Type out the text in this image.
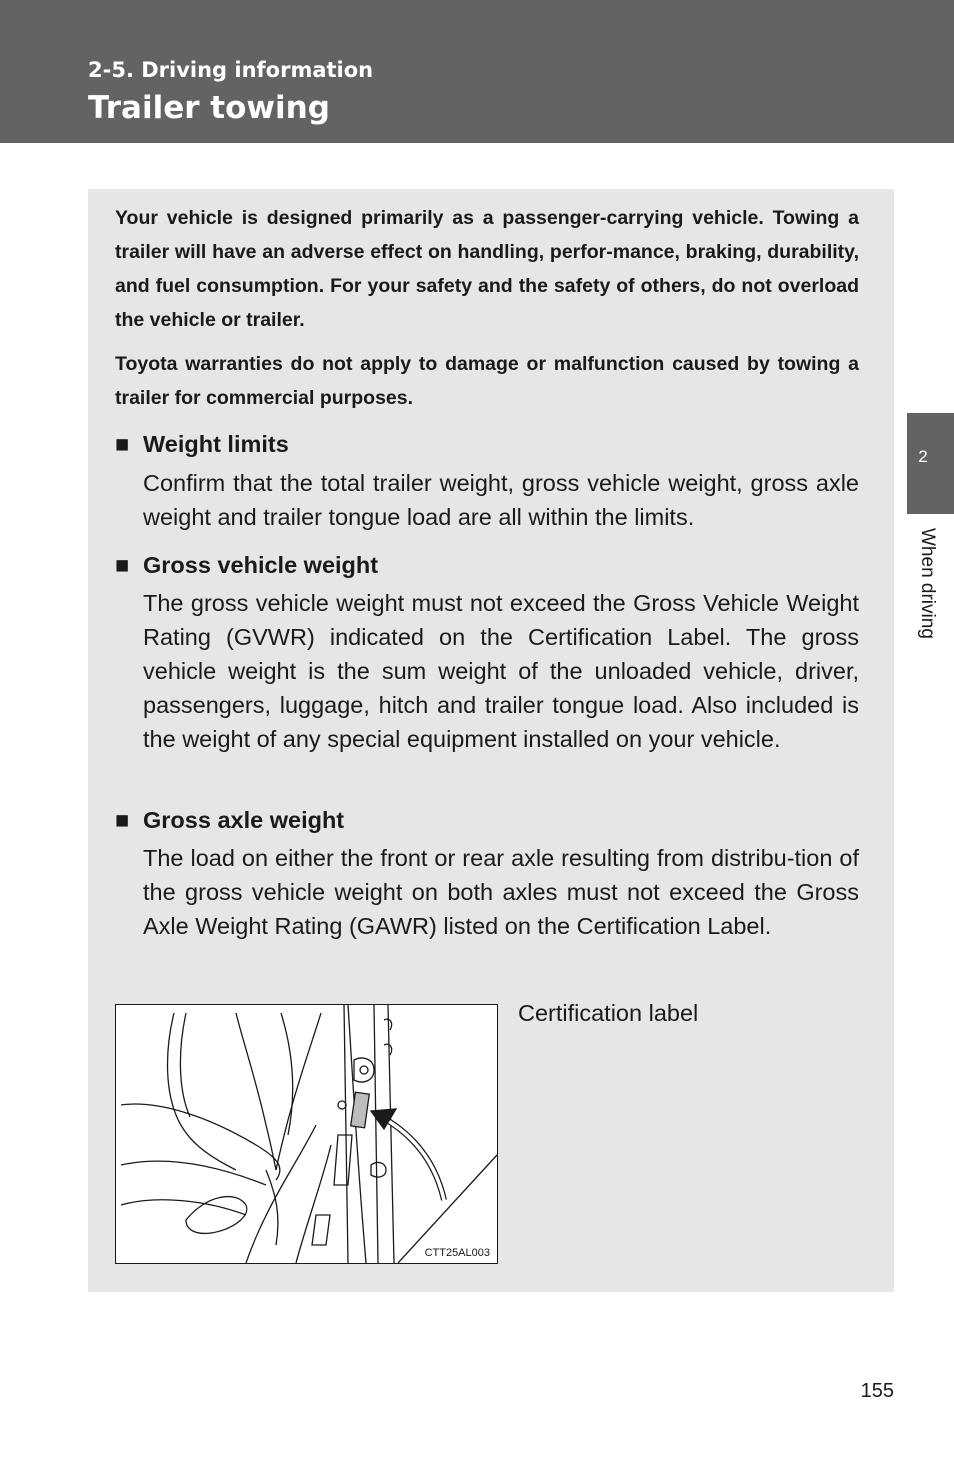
2-5. Driving information
Trailer towing

Your vehicle is designed primarily as a passenger-carrying vehicle. Towing a trailer will have an adverse effect on handling, perfor-mance, braking, durability, and fuel consumption. For your safety and the safety of others, do not overload the vehicle or trailer.

Toyota warranties do not apply to damage or malfunction caused by towing a trailer for commercial purposes.

■ Weight limits

Confirm that the total trailer weight, gross vehicle weight, gross axle weight and trailer tongue load are all within the limits.

■ Gross vehicle weight

The gross vehicle weight must not exceed the Gross Vehicle Weight Rating (GVWR) indicated on the Certification Label. The gross vehicle weight is the sum weight of the unloaded vehicle, driver, passengers, luggage, hitch and trailer tongue load. Also included is the weight of any special equipment installed on your vehicle.

■ Gross axle weight

The load on either the front or rear axle resulting from distribu-tion of the gross vehicle weight on both axles must not exceed the Gross Axle Weight Rating (GAWR) listed on the Certification Label.

CTT25AL003
Certification label
2
When driving
155
